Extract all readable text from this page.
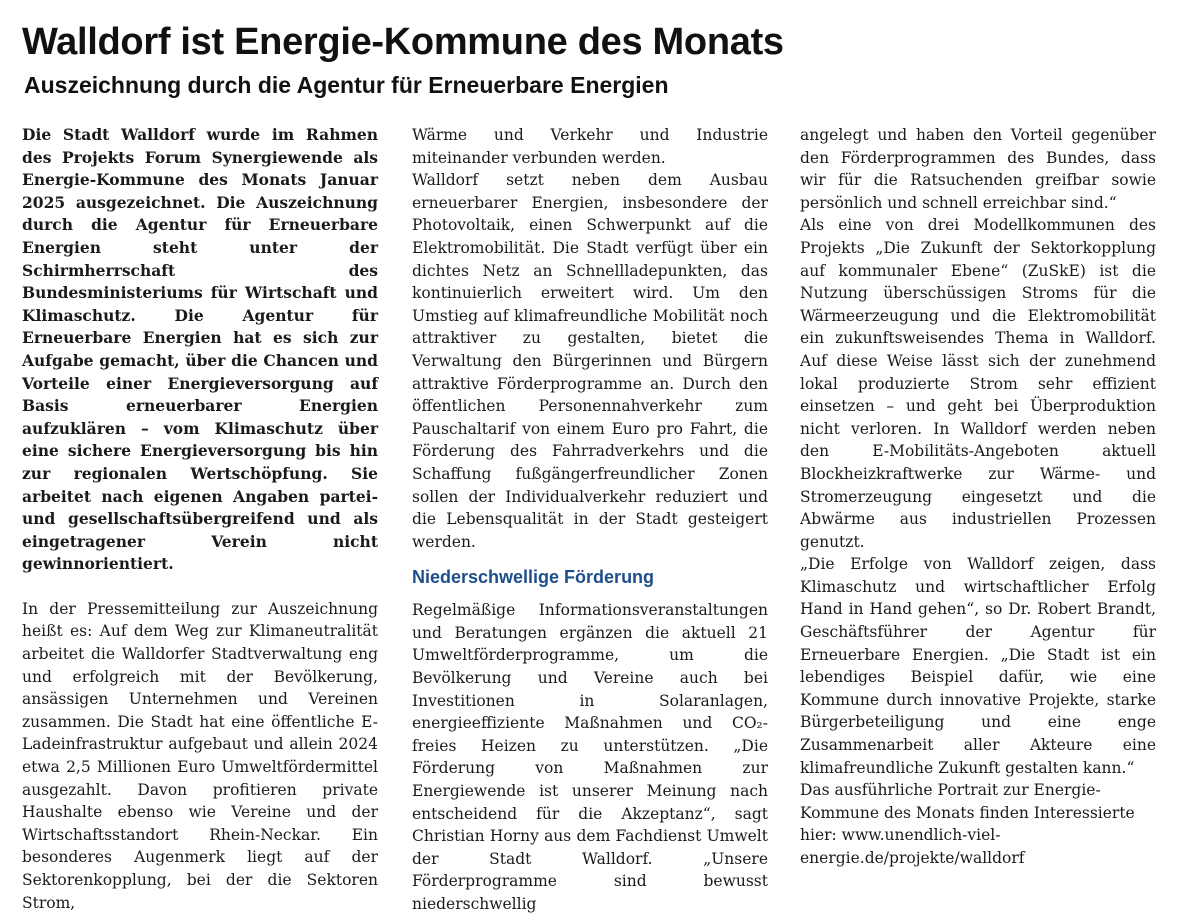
Walldorf ist Energie-Kommune des Monats
Auszeichnung durch die Agentur für Erneuerbare Energien

Die Stadt Walldorf wurde im Rahmen des Projekts Forum Synergiewende als Energie-Kommune des Monats Januar 2025 ausgezeichnet. Die Auszeichnung durch die Agentur für Erneuerbare Energien steht unter der Schirmherrschaft des Bundesministeriums für Wirtschaft und Klimaschutz. Die Agentur für Erneuerbare Energien hat es sich zur Aufgabe gemacht, über die Chancen und Vorteile einer Energieversorgung auf Basis erneuerbarer Energien aufzuklären – vom Klimaschutz über eine sichere Energieversorgung bis hin zur regionalen Wertschöpfung. Sie arbeitet nach eigenen Angaben partei- und gesellschaftsübergreifend und als eingetragener Verein nicht gewinnorientiert.

In der Pressemitteilung zur Auszeichnung heißt es: Auf dem Weg zur Klimaneutralität arbeitet die Walldorfer Stadtverwaltung eng und erfolgreich mit der Bevölkerung, ansässigen Unternehmen und Vereinen zusammen. Die Stadt hat eine öffentliche E-Ladeinfrastruktur aufgebaut und allein 2024 etwa 2,5 Millionen Euro Umweltfördermittel ausgezahlt. Davon profitieren private Haushalte ebenso wie Vereine und der Wirtschaftsstandort Rhein-Neckar. Ein besonderes Augenmerk liegt auf der Sektorenkopplung, bei der die Sektoren Strom,

Wärme und Verkehr und Industrie miteinander verbunden werden.

Walldorf setzt neben dem Ausbau erneuerbarer Energien, insbesondere der Photovoltaik, einen Schwerpunkt auf die Elektromobilität. Die Stadt verfügt über ein dichtes Netz an Schnellladepunkten, das kontinuierlich erweitert wird. Um den Umstieg auf klimafreundliche Mobilität noch attraktiver zu gestalten, bietet die Verwaltung den Bürgerinnen und Bürgern attraktive Förderprogramme an. Durch den öffentlichen Personennahverkehr zum Pauschaltarif von einem Euro pro Fahrt, die Förderung des Fahrradverkehrs und die Schaffung fußgängerfreundlicher Zonen sollen der Individualverkehr reduziert und die Lebensqualität in der Stadt gesteigert werden.

Niederschwellige Förderung

Regelmäßige Informationsveranstaltungen und Beratungen ergänzen die aktuell 21 Umweltförderprogramme, um die Bevölkerung und Vereine auch bei Investitionen in Solaranlagen, energieeffiziente Maßnahmen und CO₂-freies Heizen zu unterstützen. „Die Förderung von Maßnahmen zur Energiewende ist unserer Meinung nach entscheidend für die Akzeptanz“, sagt Christian Horny aus dem Fachdienst Umwelt der Stadt Walldorf. „Unsere Förderprogramme sind bewusst niederschwellig

angelegt und haben den Vorteil gegenüber den Förderprogrammen des Bundes, dass wir für die Ratsuchenden greifbar sowie persönlich und schnell erreichbar sind.“

Als eine von drei Modellkommunen des Projekts „Die Zukunft der Sektorkopplung auf kommunaler Ebene“ (ZuSkE) ist die Nutzung überschüssigen Stroms für die Wärmeerzeugung und die Elektromobilität ein zukunftsweisendes Thema in Walldorf. Auf diese Weise lässt sich der zunehmend lokal produzierte Strom sehr effizient einsetzen – und geht bei Überproduktion nicht verloren. In Walldorf werden neben den E-Mobilitäts-Angeboten aktuell Blockheizkraftwerke zur Wärme- und Stromerzeugung eingesetzt und die Abwärme aus industriellen Prozessen genutzt.

„Die Erfolge von Walldorf zeigen, dass Klimaschutz und wirtschaftlicher Erfolg Hand in Hand gehen“, so Dr. Robert Brandt, Geschäftsführer der Agentur für Erneuerbare Energien. „Die Stadt ist ein lebendiges Beispiel dafür, wie eine Kommune durch innovative Projekte, starke Bürgerbeteiligung und eine enge Zusammenarbeit aller Akteure eine klimafreundliche Zukunft gestalten kann.“

Das ausführliche Portrait zur Energie-Kommune des Monats finden Interessierte hier: www.unendlich-viel-energie.de/projekte/walldorf
